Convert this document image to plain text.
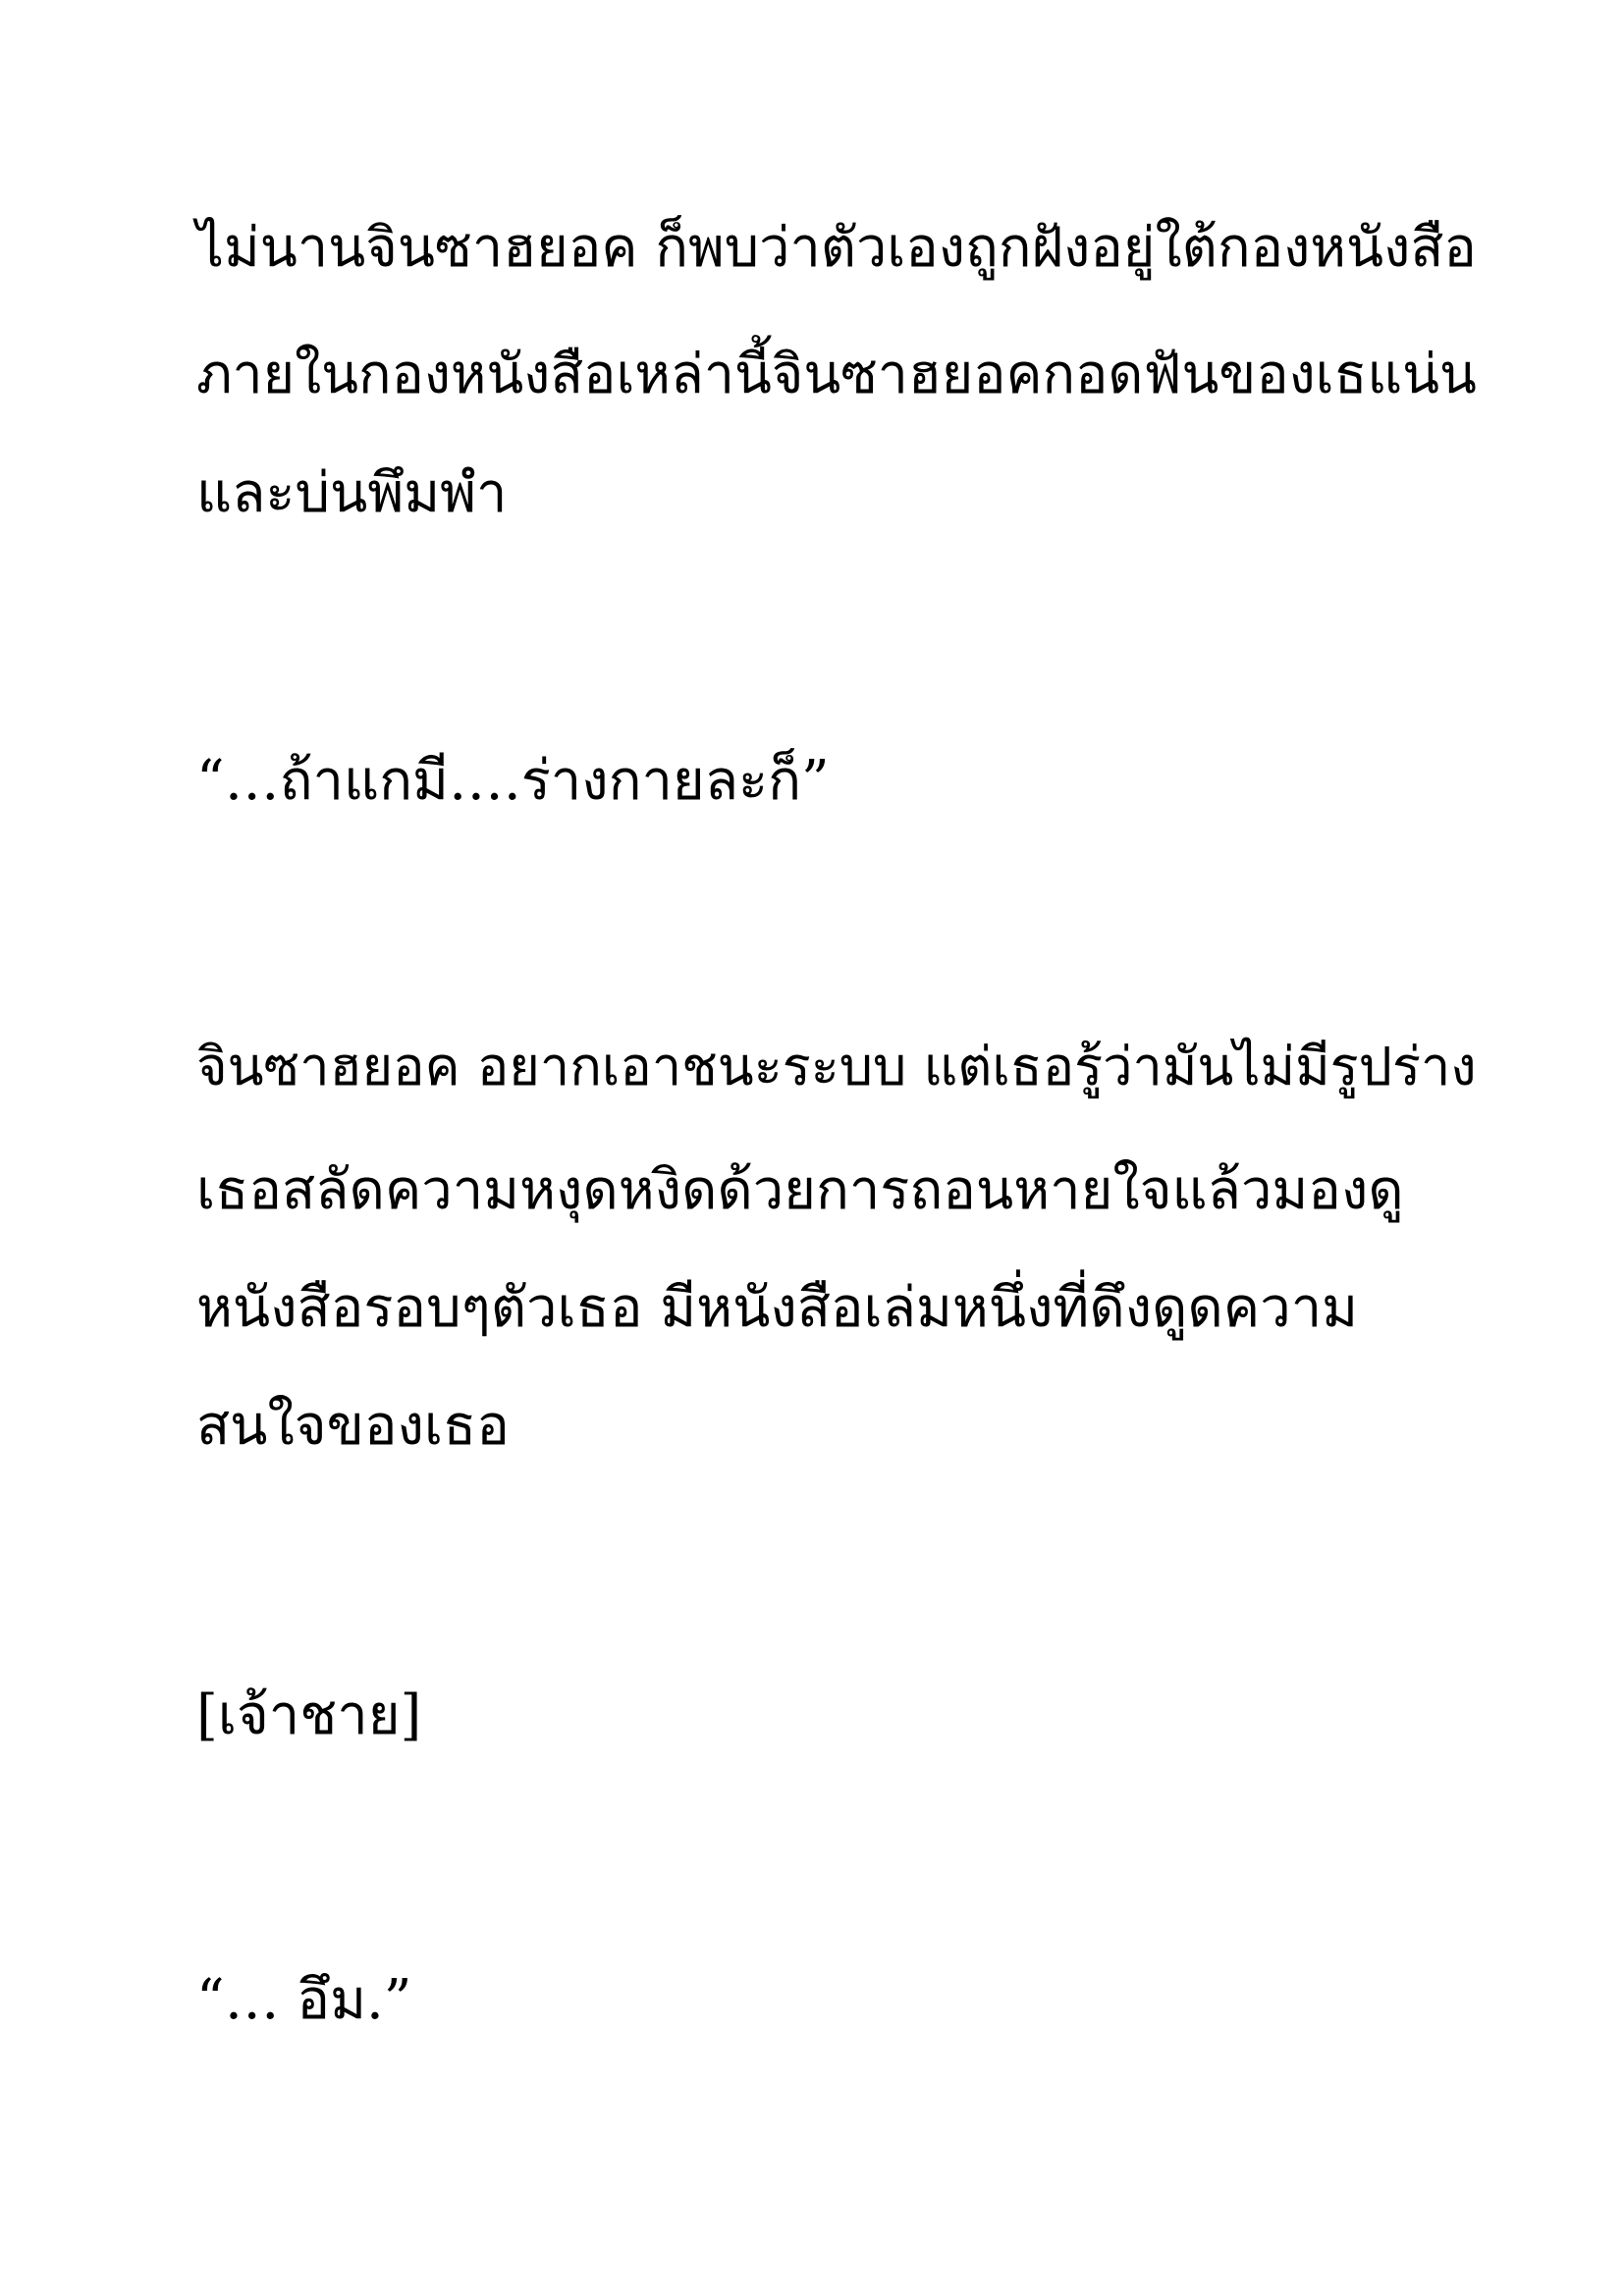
ไม่นานจินซาฮยอค ก็พบว่าตัวเองถูกฝังอยู่ใต้กองหนังสือ

ภายในกองหนังสือเหล่านี้จินซาฮยอคกอดฟันของเธแน่น

และบ่นพึมพำ

“…ถ้าแกมี….ร่างกายละก็”

จินซาฮยอค อยากเอาชนะระบบ แต่เธอรู้ว่ามันไม่มีรูปร่าง

เธอสลัดความหงุดหงิดด้วยการถอนหายใจแล้วมองดู

หนังสือรอบๆตัวเธอ มีหนังสือเล่มหนึ่งที่ดึงดูดความ

สนใจของเธอ

[เจ้าชาย]

“… อึม.”
